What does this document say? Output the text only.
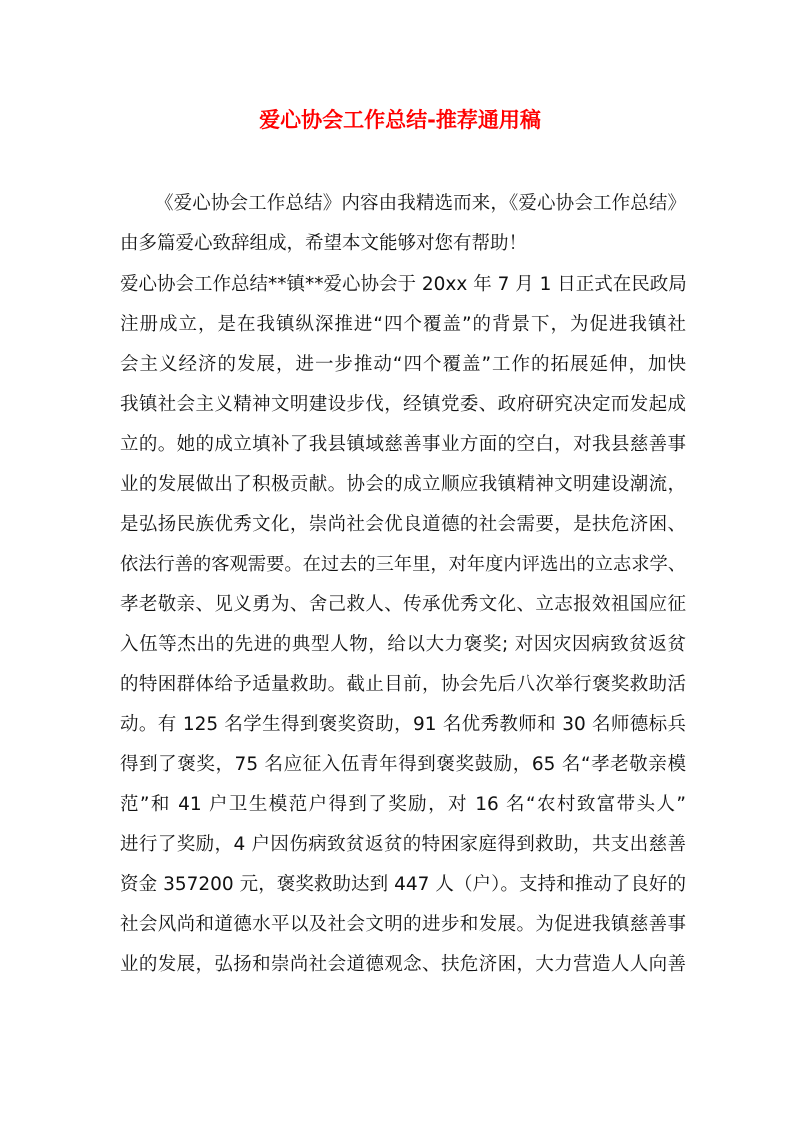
爱心协会工作总结-推荐通用稿
《爱心协会工作总结》内容由我精选而来，《爱心协会工作总结》
由多篇爱心致辞组成，希望本文能够对您有帮助！
爱心协会工作总结**镇**爱心协会于 20xx 年 7 月 1 日正式在民政局
注册成立，是在我镇纵深推进“四个覆盖”的背景下，为促进我镇社
会主义经济的发展，进一步推动“四个覆盖”工作的拓展延伸，加快
我镇社会主义精神文明建设步伐，经镇党委、政府研究决定而发起成
立的。她的成立填补了我县镇域慈善事业方面的空白，对我县慈善事
业的发展做出了积极贡献。协会的成立顺应我镇精神文明建设潮流，
是弘扬民族优秀文化，崇尚社会优良道德的社会需要，是扶危济困、
依法行善的客观需要。在过去的三年里，对年度内评选出的立志求学、
孝老敬亲、见义勇为、舍己救人、传承优秀文化、立志报效祖国应征
入伍等杰出的先进的典型人物，给以大力褒奖; 对因灾因病致贫返贫
的特困群体给予适量救助。截止目前，协会先后八次举行褒奖救助活
动。有 125 名学生得到褒奖资助，91 名优秀教师和 30 名师德标兵
得到了褒奖，75 名应征入伍青年得到褒奖鼓励，65 名“孝老敬亲模
范”和 41 户卫生模范户得到了奖励，对 16 名“农村致富带头人”
进行了奖励，4 户因伤病致贫返贫的特困家庭得到救助，共支出慈善
资金 357200 元，褒奖救助达到 447 人（户）。支持和推动了良好的
社会风尚和道德水平以及社会文明的进步和发展。为促进我镇慈善事
业的发展，弘扬和崇尚社会道德观念、扶危济困，大力营造人人向善
